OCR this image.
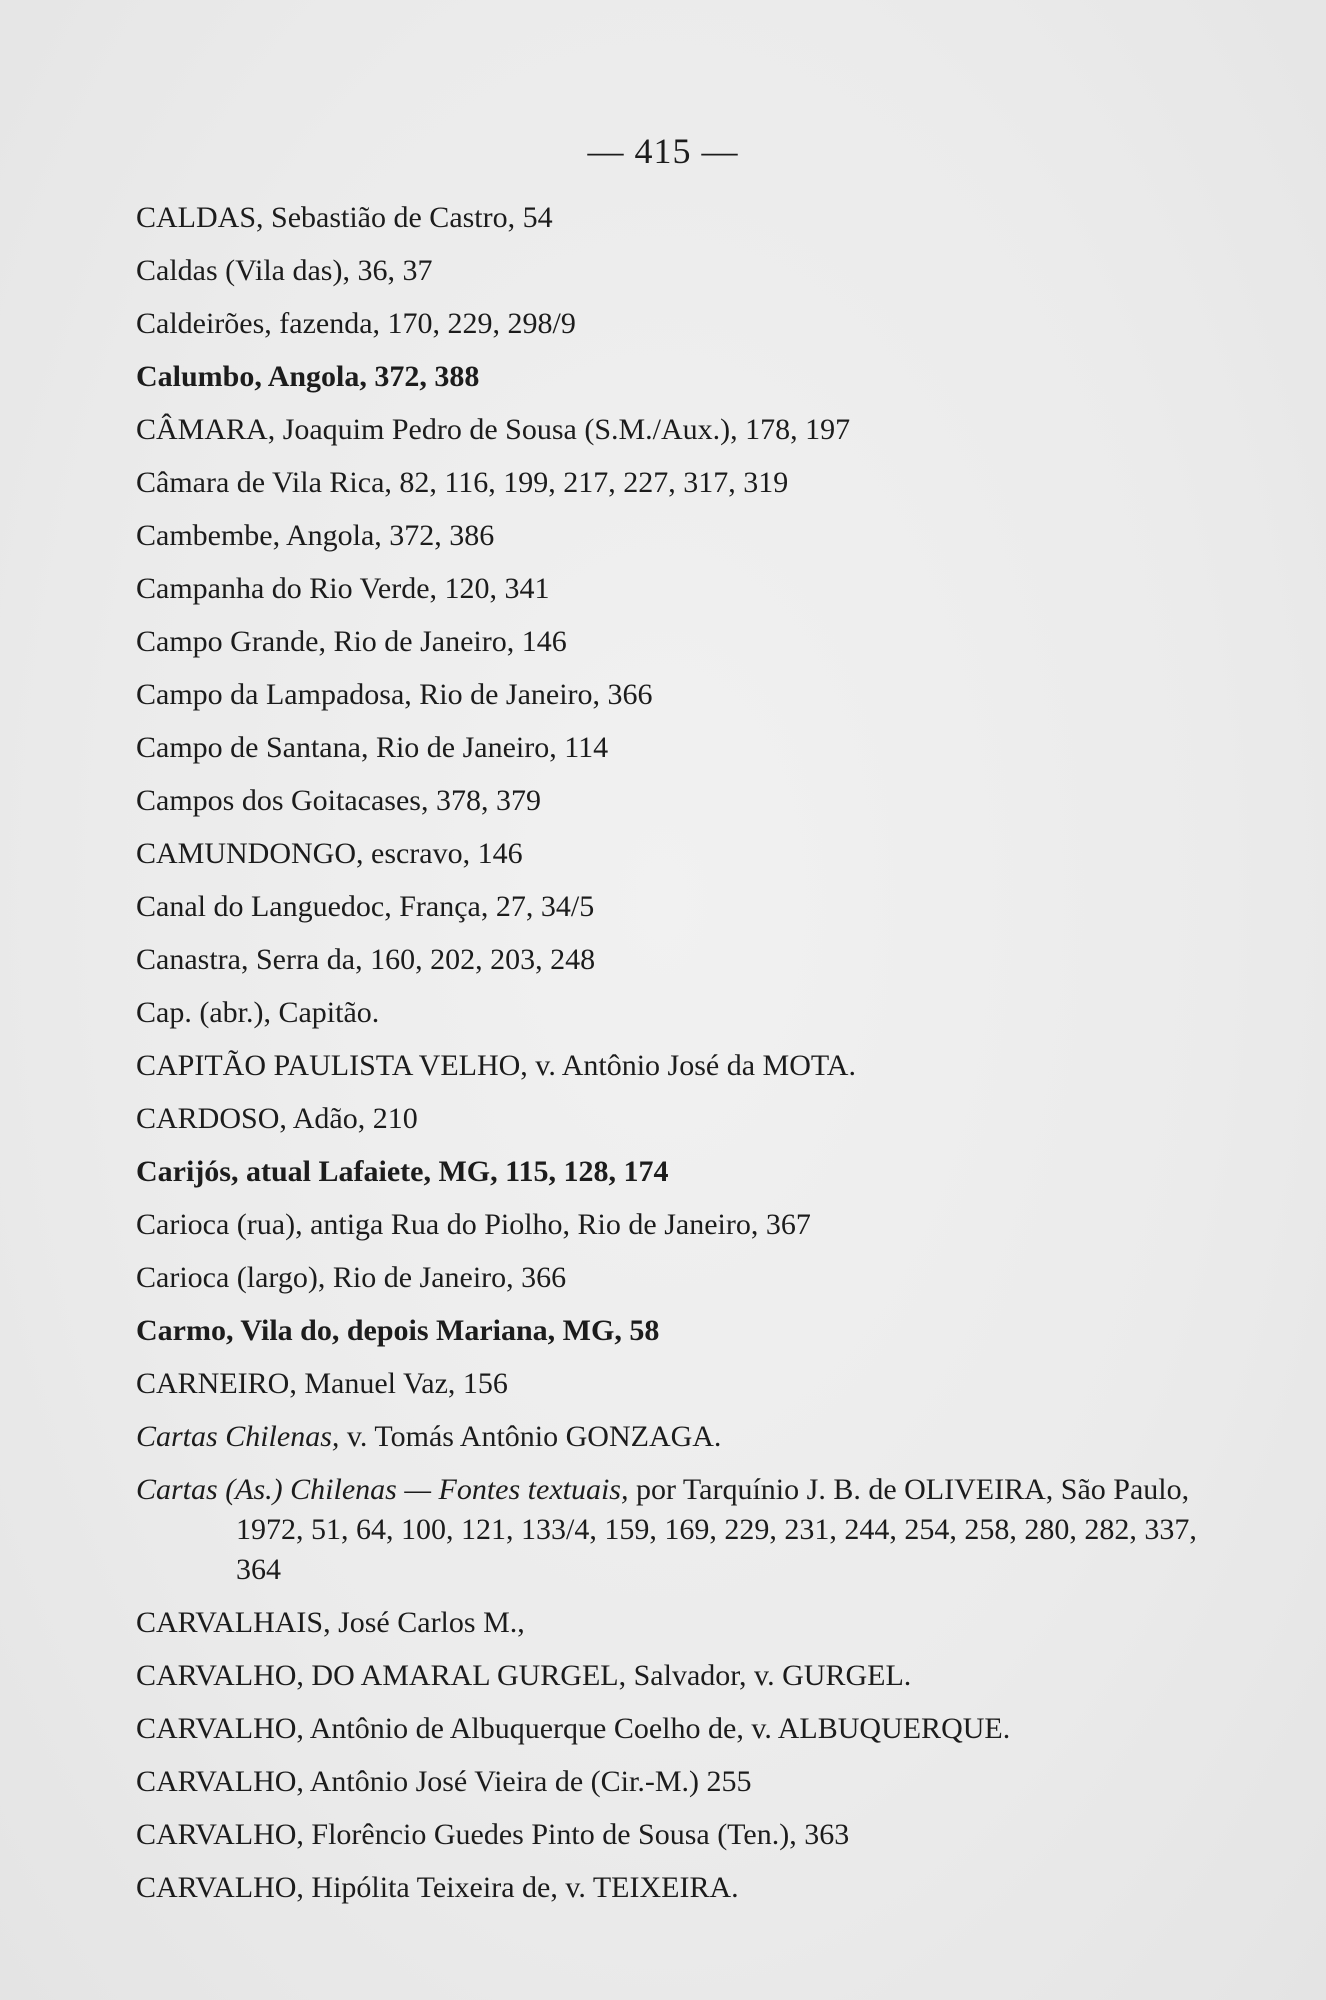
— 415 —
CALDAS, Sebastião de Castro, 54
Caldas (Vila das), 36, 37
Caldeirões, fazenda, 170, 229, 298/9
Calumbo, Angola, 372, 388
CÂMARA, Joaquim Pedro de Sousa (S.M./Aux.), 178, 197
Câmara de Vila Rica, 82, 116, 199, 217, 227, 317, 319
Cambembe, Angola, 372, 386
Campanha do Rio Verde, 120, 341
Campo Grande, Rio de Janeiro, 146
Campo da Lampadosa, Rio de Janeiro, 366
Campo de Santana, Rio de Janeiro, 114
Campos dos Goitacases, 378, 379
CAMUNDONGO, escravo, 146
Canal do Languedoc, França, 27, 34/5
Canastra, Serra da, 160, 202, 203, 248
Cap. (abr.), Capitão.
CAPITÃO PAULISTA VELHO, v. Antônio José da MOTA.
CARDOSO, Adão, 210
Carijós, atual Lafaiete, MG, 115, 128, 174
Carioca (rua), antiga Rua do Piolho, Rio de Janeiro, 367
Carioca (largo), Rio de Janeiro, 366
Carmo, Vila do, depois Mariana, MG, 58
CARNEIRO, Manuel Vaz, 156
Cartas Chilenas, v. Tomás Antônio GONZAGA.
Cartas (As.) Chilenas — Fontes textuais, por Tarquínio J. B. de OLIVEIRA, São Paulo, 1972, 51, 64, 100, 121, 133/4, 159, 169, 229, 231, 244, 254, 258, 280, 282, 337, 364
CARVALHAIS, José Carlos M.,
CARVALHO, DO AMARAL GURGEL, Salvador, v. GURGEL.
CARVALHO, Antônio de Albuquerque Coelho de, v. ALBUQUERQUE.
CARVALHO, Antônio José Vieira de (Cir.-M.) 255
CARVALHO, Florêncio Guedes Pinto de Sousa (Ten.), 363
CARVALHO, Hipólita Teixeira de, v. TEIXEIRA.
